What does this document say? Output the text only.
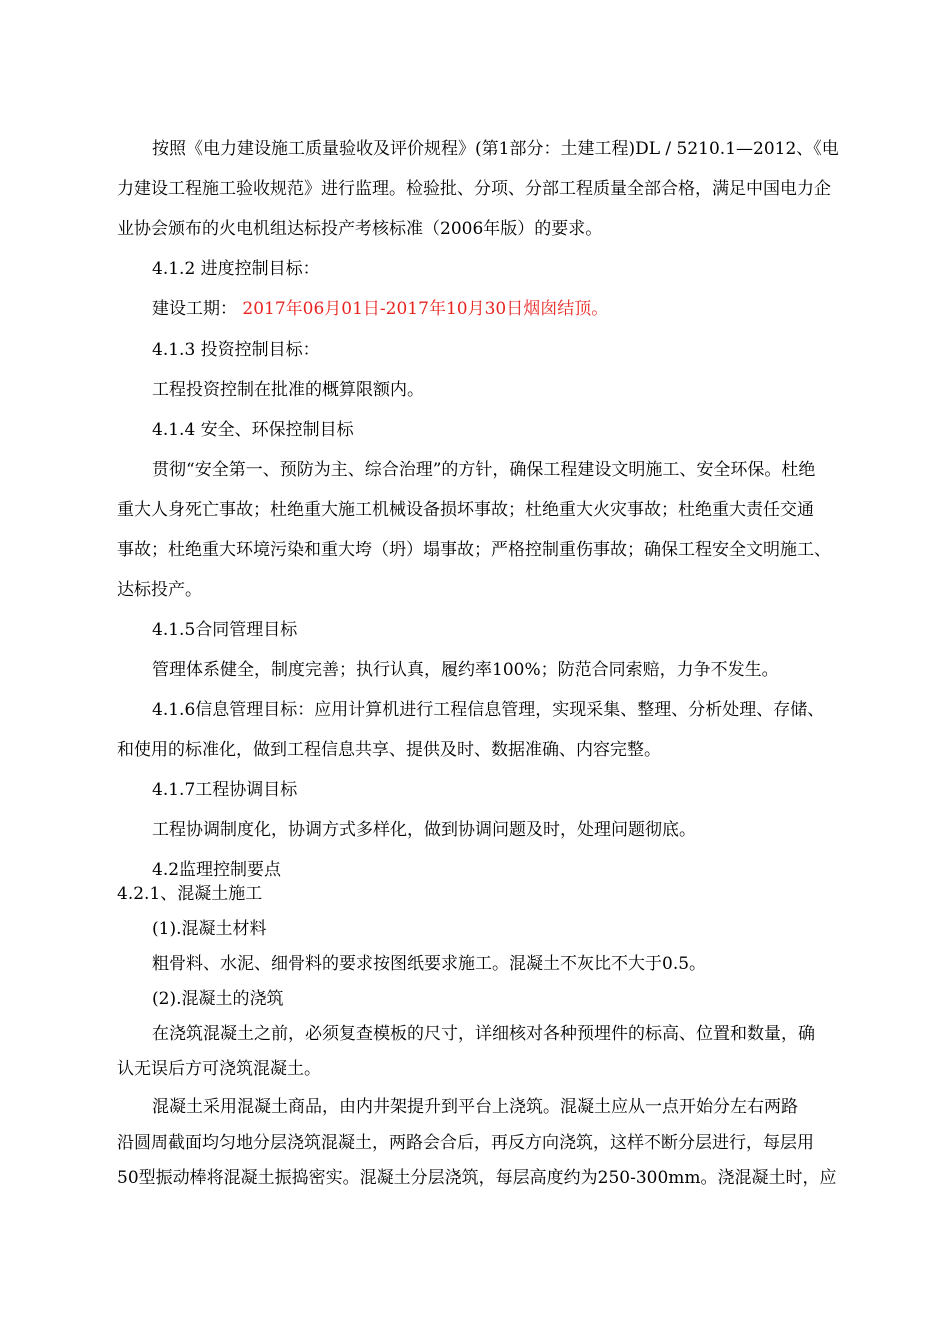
按照《电力建设施工质量验收及评价规程》(第1部分：土建工程)DL / 5210.1—2012、《电
力建设工程施工验收规范》进行监理。检验批、分项、分部工程质量全部合格，满足中国电力企
业协会颁布的火电机组达标投产考核标准（2006年版）的要求。
4.1.2 进度控制目标：
建设工期： 2017年06月01日-2017年10月30日烟囱结顶。
4.1.3 投资控制目标：
工程投资控制在批准的概算限额内。
4.1.4 安全、环保控制目标
贯彻“安全第一、预防为主、综合治理”的方针，确保工程建设文明施工、安全环保。杜绝
重大人身死亡事故；杜绝重大施工机械设备损坏事故；杜绝重大火灾事故；杜绝重大责任交通
事故；杜绝重大环境污染和重大垮（坍）塌事故；严格控制重伤事故；确保工程安全文明施工、
达标投产。
4.1.5合同管理目标
管理体系健全，制度完善；执行认真，履约率100%；防范合同索赔，力争不发生。
4.1.6信息管理目标：应用计算机进行工程信息管理，实现采集、整理、分析处理、存储、
和使用的标准化，做到工程信息共享、提供及时、数据准确、内容完整。
4.1.7工程协调目标
工程协调制度化，协调方式多样化，做到协调问题及时，处理问题彻底。
4.2监理控制要点
4.2.1、混凝土施工
(1).混凝土材料
粗骨料、水泥、细骨料的要求按图纸要求施工。混凝土不灰比不大于0.5。
(2).混凝土的浇筑
在浇筑混凝土之前，必须复查模板的尺寸，详细核对各种预埋件的标高、位置和数量，确
认无误后方可浇筑混凝土。
混凝土采用混凝土商品，由内井架提升到平台上浇筑。混凝土应从一点开始分左右两路
沿圆周截面均匀地分层浇筑混凝土，两路会合后，再反方向浇筑，这样不断分层进行，每层用
50型振动棒将混凝土振捣密实。混凝土分层浇筑，每层高度约为250-300mm。浇混凝土时，应
